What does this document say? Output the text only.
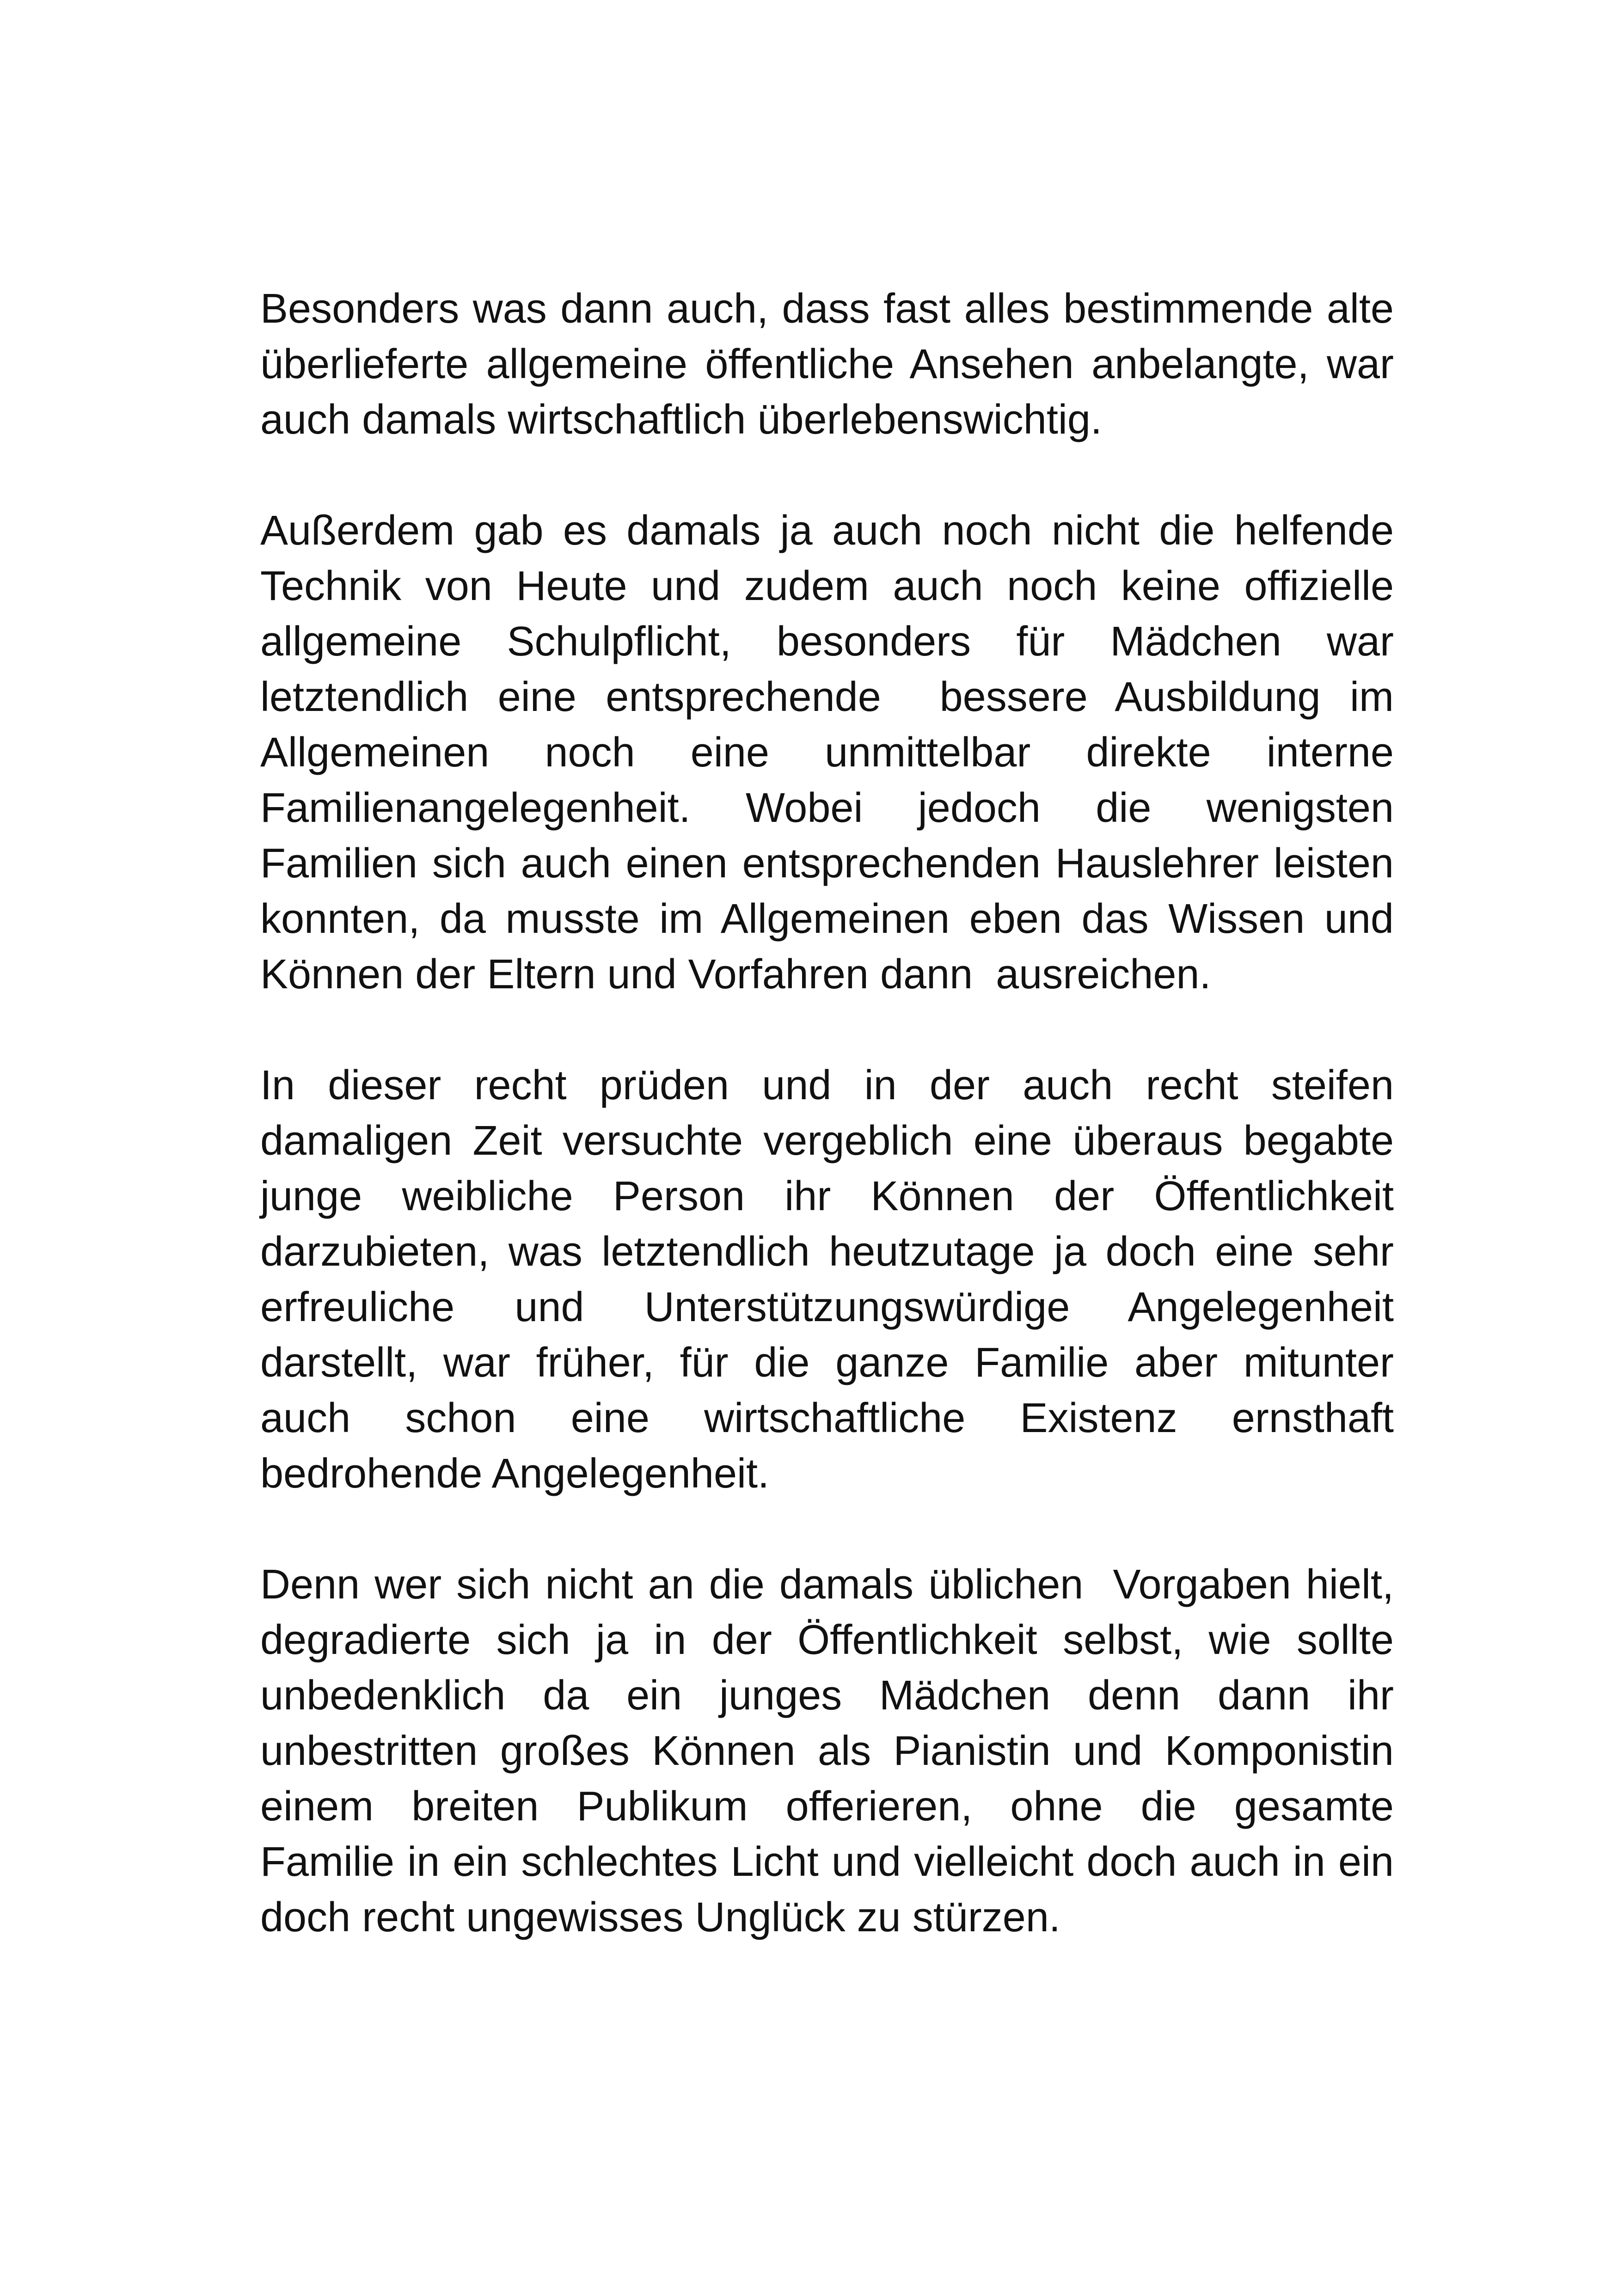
Besonders was dann auch, dass fast alles bestimmende alte
überlieferte allgemeine öffentliche Ansehen anbelangte, war
auch damals wirtschaftlich überlebenswichtig.
Außerdem gab es damals ja auch noch nicht die helfende
Technik von Heute und zudem auch noch keine offizielle
allgemeine Schulpflicht, besonders für Mädchen war
letztendlich eine entsprechende  bessere Ausbildung im
Allgemeinen noch eine unmittelbar direkte interne
Familienangelegenheit. Wobei jedoch die wenigsten
Familien sich auch einen entsprechenden Hauslehrer leisten
konnten, da musste im Allgemeinen eben das Wissen und
Können der Eltern und Vorfahren dann  ausreichen.
In dieser recht prüden und in der auch recht steifen
damaligen Zeit versuchte vergeblich eine überaus begabte
junge weibliche Person ihr Können der Öffentlichkeit
darzubieten, was letztendlich heutzutage ja doch eine sehr
erfreuliche und Unterstützungswürdige Angelegenheit
darstellt, war früher, für die ganze Familie aber mitunter
auch schon eine wirtschaftliche Existenz ernsthaft
bedrohende Angelegenheit.
Denn wer sich nicht an die damals üblichen  Vorgaben hielt,
degradierte sich ja in der Öffentlichkeit selbst, wie sollte
unbedenklich da ein junges Mädchen denn dann ihr
unbestritten großes Können als Pianistin und Komponistin
einem breiten Publikum offerieren, ohne die gesamte
Familie in ein schlechtes Licht und vielleicht doch auch in ein
doch recht ungewisses Unglück zu stürzen.
